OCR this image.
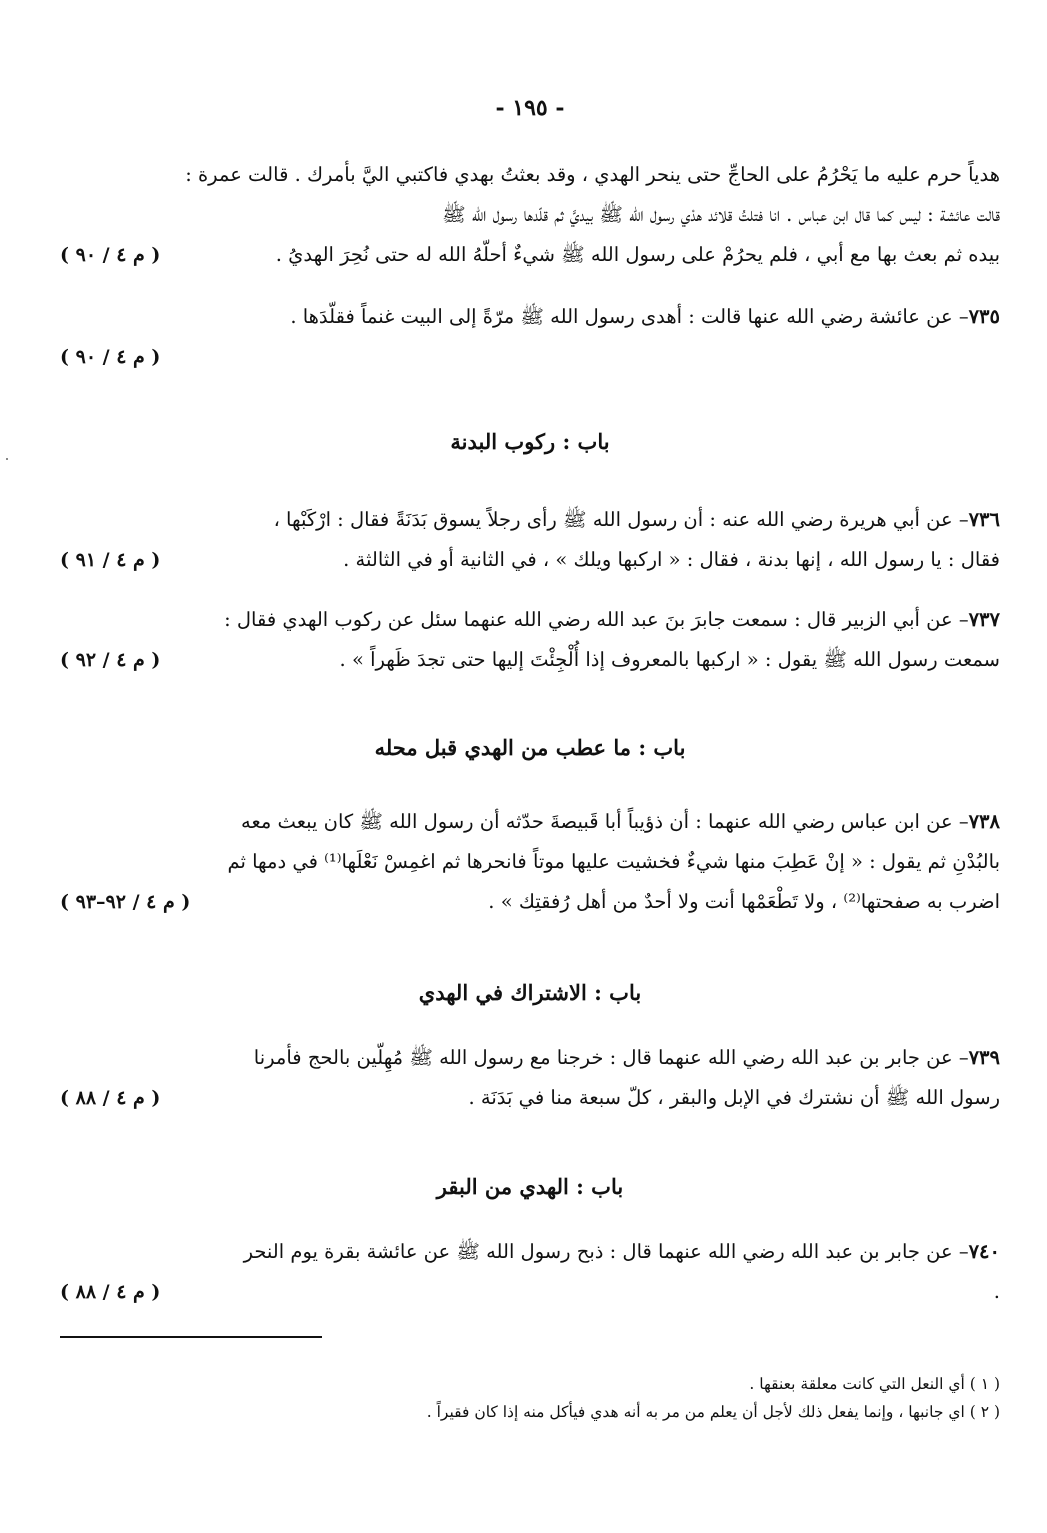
- ١٩٥ -
هدياً حرم عليه ما يَحْرُمُ على الحاجِّ حتى ينحر الهدي ، وقد بعثتُ بهدي فاكتبي اليَّ بأمرك . قالت عمرة :
قالت عائشة : ليس كما قال ابن عباس . انا فتلتُ قلائد هدْي رسول الله ﷺ بيديَّ ثم قلّدها رسول الله ﷺ
بيده ثم بعث بها مع أبي ، فلم يحرُمْ على رسول الله ﷺ شيءٌ أحلّهُ الله له حتى نُحِرَ الهديُ .
( م ٤ / ٩٠ )
٧٣٥– عن عائشة رضي الله عنها قالت : أهدى رسول الله ﷺ مرّةً إلى البيت غنماً فقلّدَها .
( م ٤ / ٩٠ )
باب : ركوب البدنة
٧٣٦– عن أبي هريرة رضي الله عنه : أن رسول الله ﷺ رأى رجلاً يسوق بَدَنَةً فقال : ارْكَبْها ،
فقال : يا رسول الله ، إنها بدنة ، فقال : « اركبها ويلك » ، في الثانية أو في الثالثة .
( م ٤ / ٩١ )
٧٣٧– عن أبي الزبير قال : سمعت جابرَ بنَ عبد الله رضي الله عنهما سئل عن ركوب الهدي فقال :
سمعت رسول الله ﷺ يقول : « اركبها بالمعروف إذا أُلْجِئْتَ إليها حتى تجدَ ظَهراً » .
( م ٤ / ٩٢ )
باب : ما عطب من الهدي قبل محله
٧٣٨– عن ابن عباس رضي الله عنهما : أن ذؤيباً أبا قَبيصةَ حدّثه أن رسول الله ﷺ كان يبعث معه
بالبُدْنِ ثم يقول : « إنْ عَطِبَ منها شيءٌ فخشيت عليها موتاً فانحرها ثم اغمِسْ نَعْلَها⁽¹⁾ في دمها ثم
اضرب به صفحتها⁽²⁾ ، ولا تَطْعَمْها أنت ولا أحدٌ من أهل رُفقتِك » .
( م ٤ / ٩٢–٩٣ )
باب : الاشتراك في الهدي
٧٣٩– عن جابر بن عبد الله رضي الله عنهما قال : خرجنا مع رسول الله ﷺ مُهِلّين بالحج فأمرنا
رسول الله ﷺ أن نشترك في الإبل والبقر ، كلّ سبعة منا في بَدَنَة .
( م ٤ / ٨٨ )
باب : الهدي من البقر
٧٤٠– عن جابر بن عبد الله رضي الله عنهما قال : ذبح رسول الله ﷺ عن عائشة بقرة يوم النحر
.
( م ٤ / ٨٨ )
( ١ ) أي النعل التي كانت معلقة بعنقها .
( ٢ ) اي جانبها ، وإنما يفعل ذلك لأجل أن يعلم من مر به أنه هدي فيأكل منه إذا كان فقيراً .
